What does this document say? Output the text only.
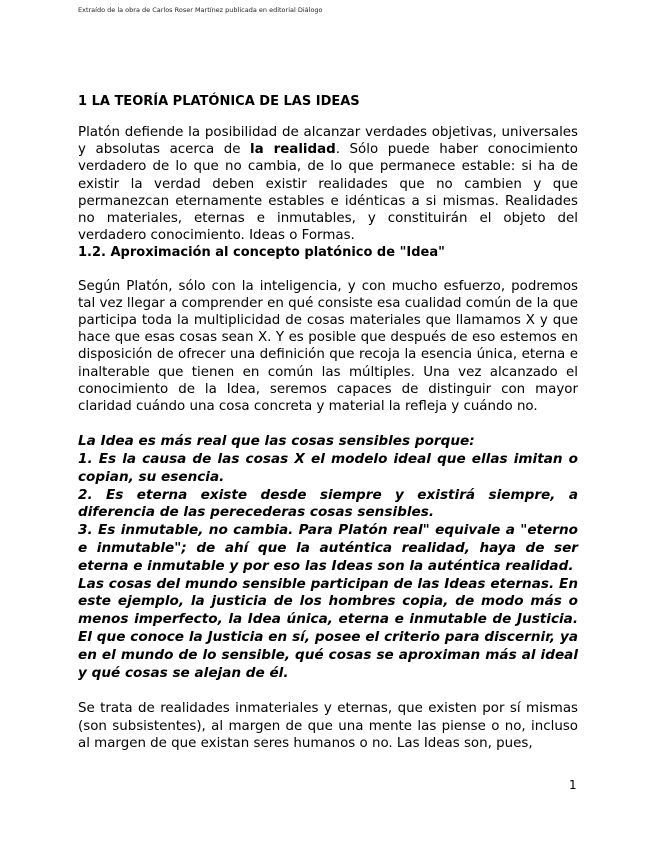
Extraído de la obra de Carlos Roser Martínez publicada en editorial Diálogo
1 LA TEORÍA PLATÓNICA DE LAS IDEAS

Platón defiende la posibilidad de alcanzar verdades objetivas, universales y absolutas acerca de la realidad. Sólo puede haber conocimiento verdadero de lo que no cambia, de lo que permanece estable: si ha de existir la verdad deben existir realidades que no cambien y que permanezcan eternamente estables e idénticas a si mismas. Realidades no materiales, eternas e inmutables, y constituirán el objeto del verdadero conocimiento. Ideas o Formas.

1.2. Aproximación al concepto platónico de "Idea"

Según Platón, sólo con la inteligencia, y con mucho esfuerzo, podremos tal vez llegar a comprender en qué consiste esa cualidad común de la que participa toda la multiplicidad de cosas materiales que llamamos X y que hace que esas cosas sean X. Y es posible que después de eso estemos en disposición de ofrecer una definición que recoja la esencia única, eterna e inalterable que tienen en común las múltiples. Una vez alcanzado el conocimiento de la Idea, seremos capaces de distinguir con mayor claridad cuándo una cosa concreta y material la refleja y cuándo no.

La Idea es más real que las cosas sensibles porque:
1. Es la causa de las cosas X el modelo ideal que ellas imitan o copian, su esencia.
2. Es eterna existe desde siempre y existirá siempre, a diferencia de las perecederas cosas sensibles.
3. Es inmutable, no cambia. Para Platón real" equivale a "eterno e inmutable"; de ahí que la auténtica realidad, haya de ser eterna e inmutable y por eso las Ideas son la auténtica realidad.
Las cosas del mundo sensible participan de las Ideas eternas. En este ejemplo, la justicia de los hombres copia, de modo más o menos imperfecto, la Idea única, eterna e inmutable de Justicia. El que conoce la Justicia en sí, posee el criterio para discernir, ya en el mundo de lo sensible, qué cosas se aproximan más al ideal y qué cosas se alejan de él.

Se trata de realidades inmateriales y eternas, que existen por sí mismas (son subsistentes), al margen de que una mente las piense o no, incluso al margen de que existan seres humanos o no. Las Ideas son, pues,

1
